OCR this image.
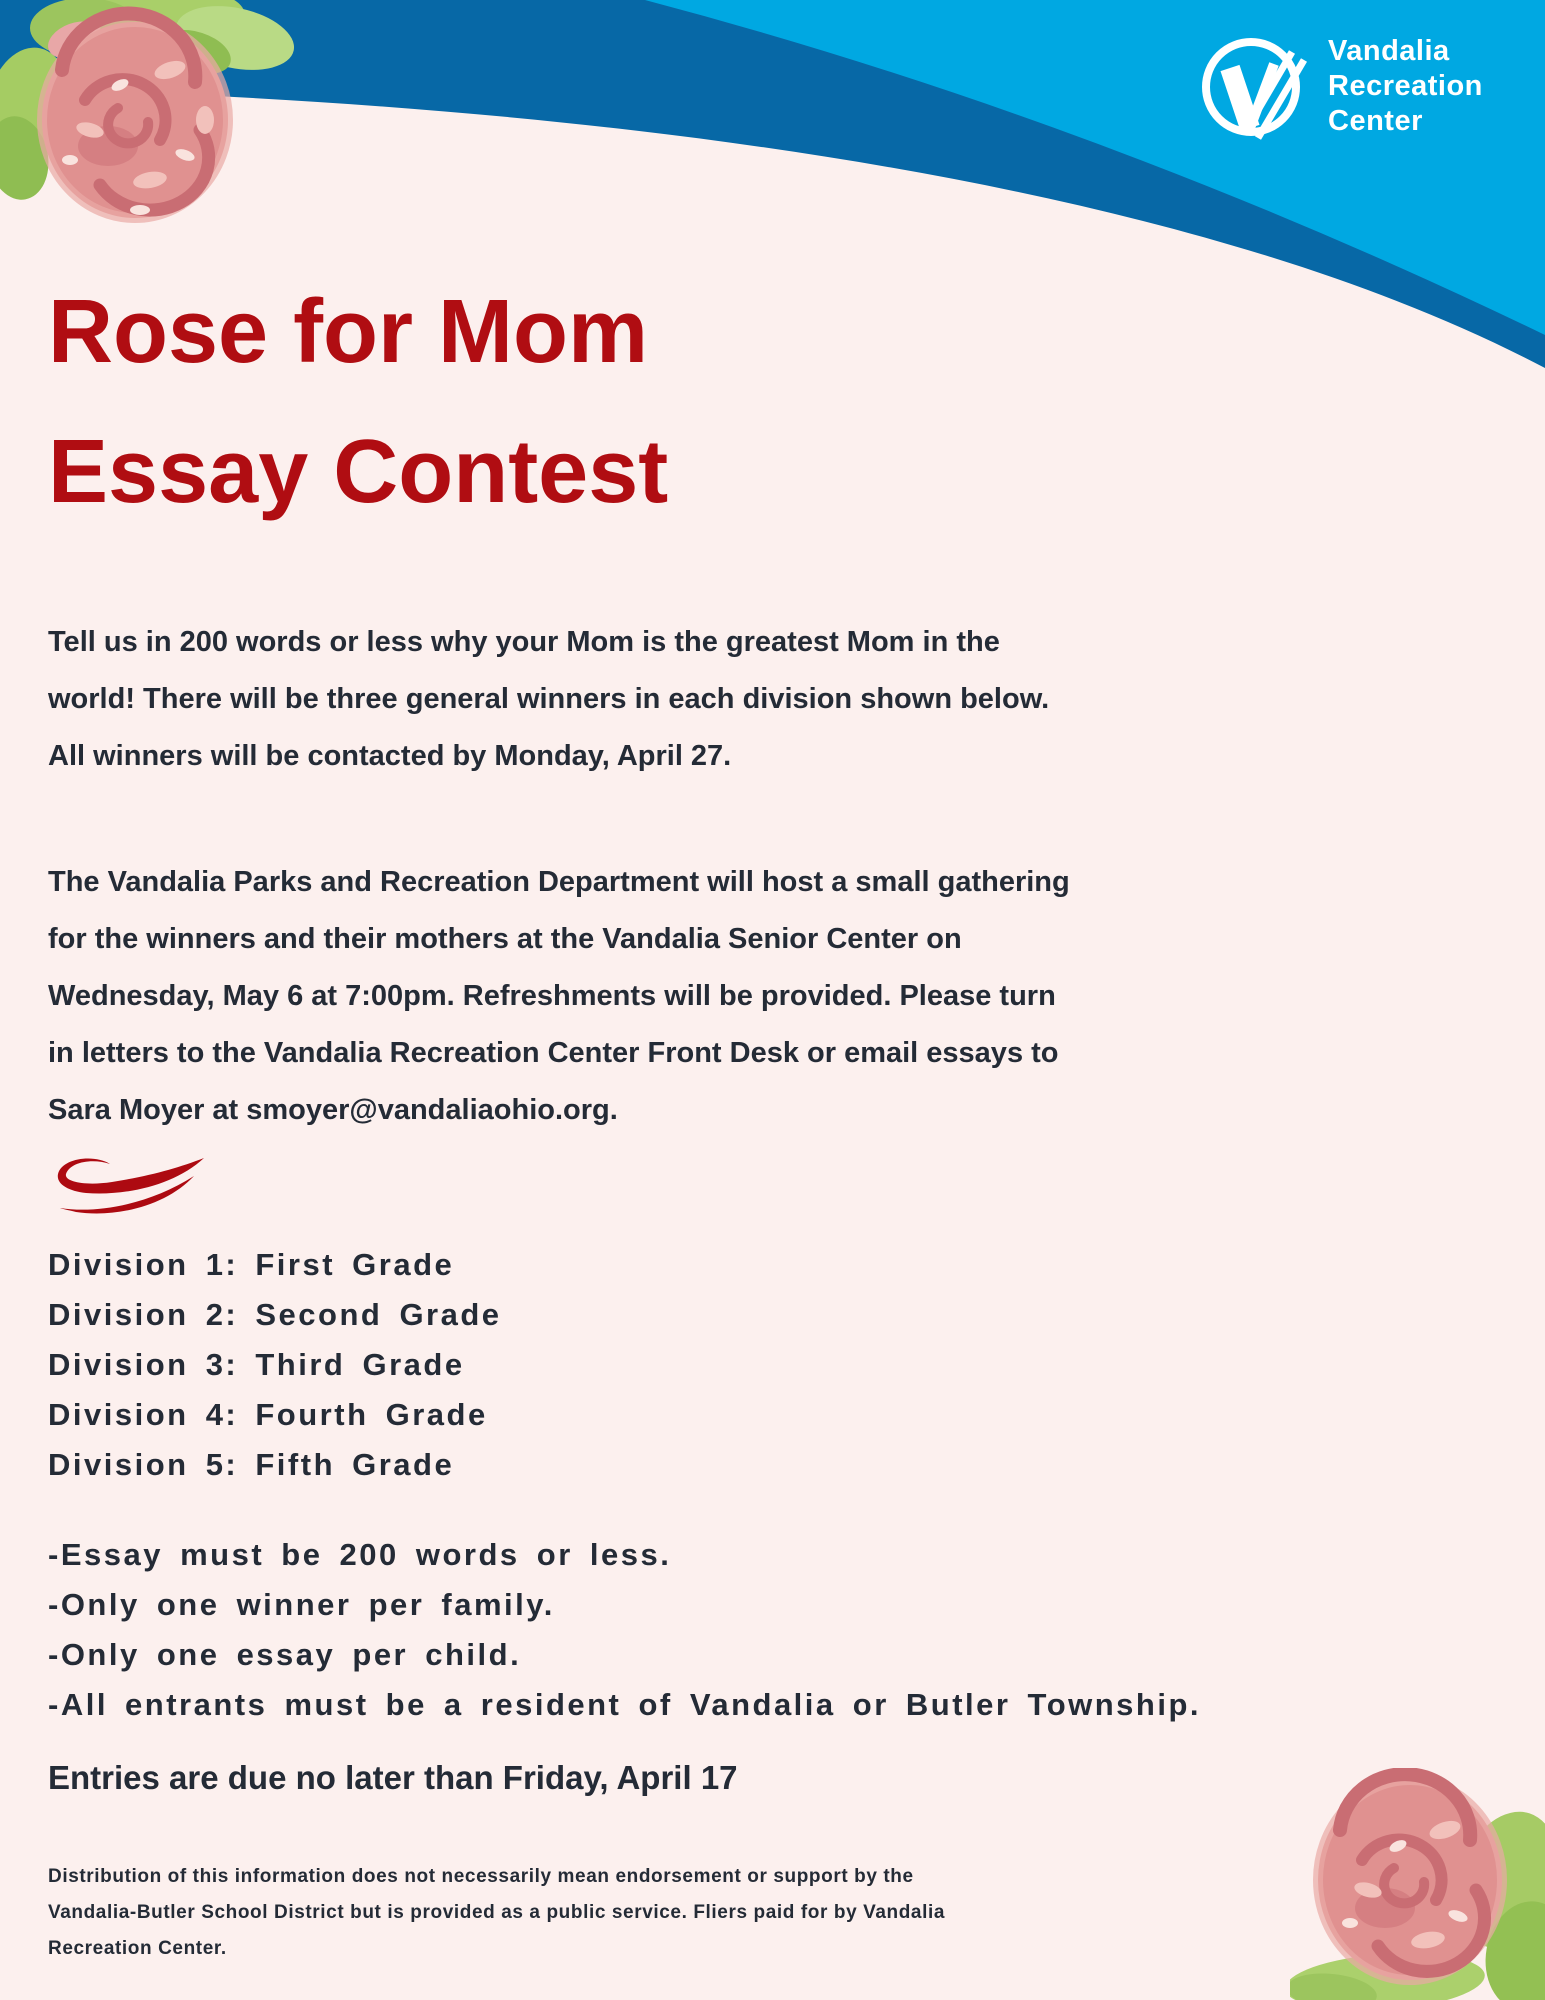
Vandalia
Recreation
Center
Rose for Mom
Essay Contest

Tell us in 200 words or less why your Mom is the greatest Mom in the world! There will be three general winners in each division shown below. All winners will be contacted by Monday, April 27.

The Vandalia Parks and Recreation Department will host a small gathering for the winners and their mothers at the Vandalia Senior Center on Wednesday, May 6 at 7:00pm. Refreshments will be provided. Please turn in letters to the Vandalia Recreation Center Front Desk or email essays to Sara Moyer at smoyer@vandaliaohio.org.

Division 1: First Grade
Division 2: Second Grade
Division 3: Third Grade
Division 4: Fourth Grade
Division 5: Fifth Grade
-Essay must be 200 words or less.
-Only one winner per family.
-Only one essay per child.
-All entrants must be a resident of Vandalia or Butler Township.
Entries are due no later than Friday, April 17

Distribution of this information does not necessarily mean endorsement or support by the Vandalia-Butler School District but is provided as a public service. Fliers paid for by Vandalia Recreation Center.
